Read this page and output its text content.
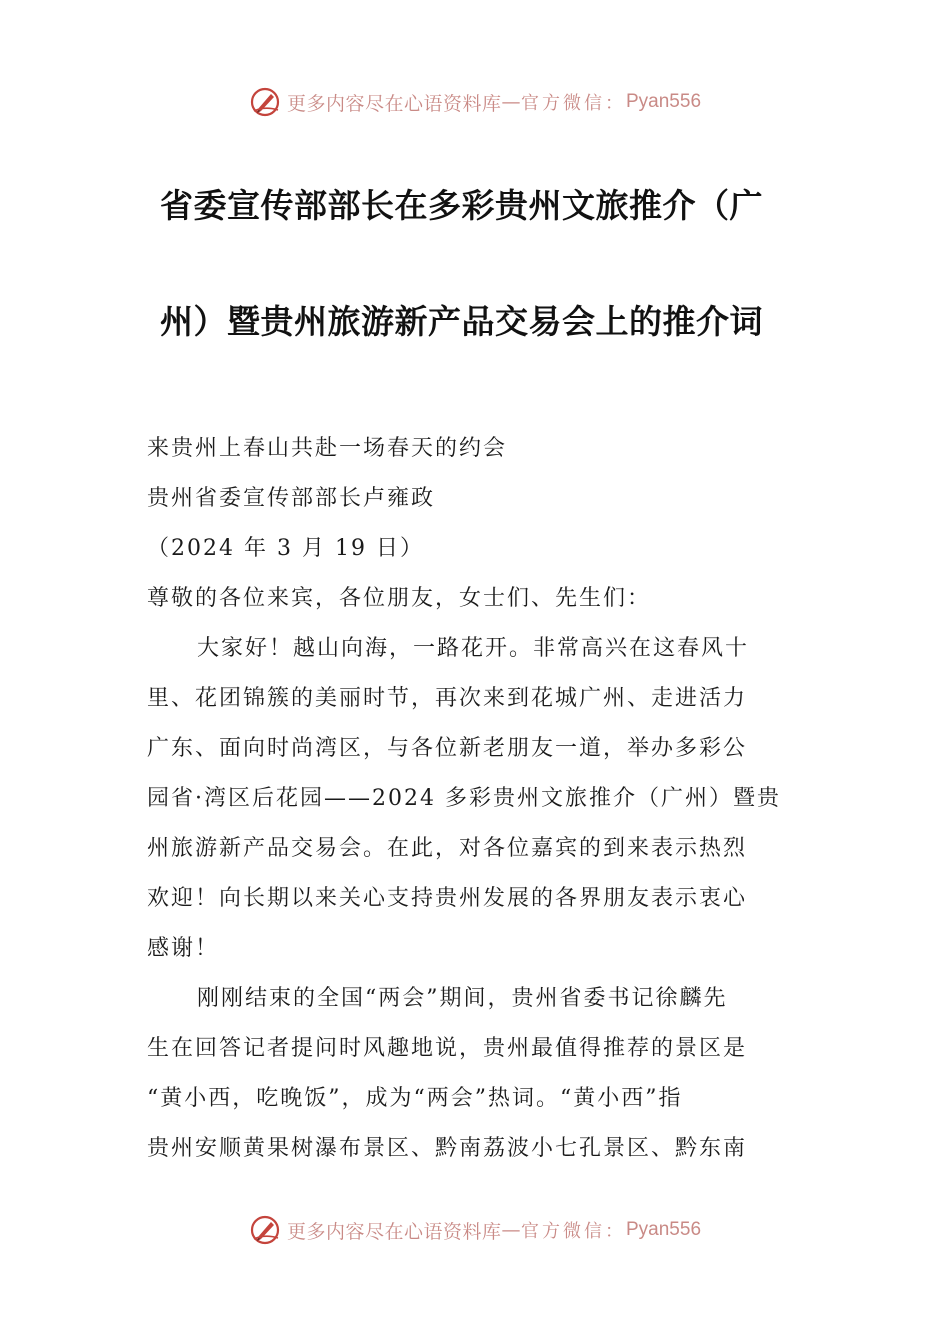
更多内容尽在心语资料库 — 官方微信： Pyan556
省委宣传部部长在多彩贵州文旅推介（广
州）暨贵州旅游新产品交易会上的推介词
来贵州上春山共赴一场春天的约会
贵州省委宣传部部长卢雍政
（2024 年 3 月 19 日）
尊敬的各位来宾，各位朋友，女士们、先生们：
大家好！越山向海，一路花开。非常高兴在这春风十
里、花团锦簇的美丽时节，再次来到花城广州、走进活力
广东、面向时尚湾区，与各位新老朋友一道，举办多彩公
园省·湾区后花园——2024 多彩贵州文旅推介（广州）暨贵
州旅游新产品交易会。在此，对各位嘉宾的到来表示热烈
欢迎！向长期以来关心支持贵州发展的各界朋友表示衷心
感谢！
刚刚结束的全国“两会”期间，贵州省委书记徐麟先
生在回答记者提问时风趣地说，贵州最值得推荐的景区是
“黄小西，吃晚饭”，成为“两会”热词。“黄小西”指
贵州安顺黄果树瀑布景区、黔南荔波小七孔景区、黔东南
更多内容尽在心语资料库 — 官方微信： Pyan556
